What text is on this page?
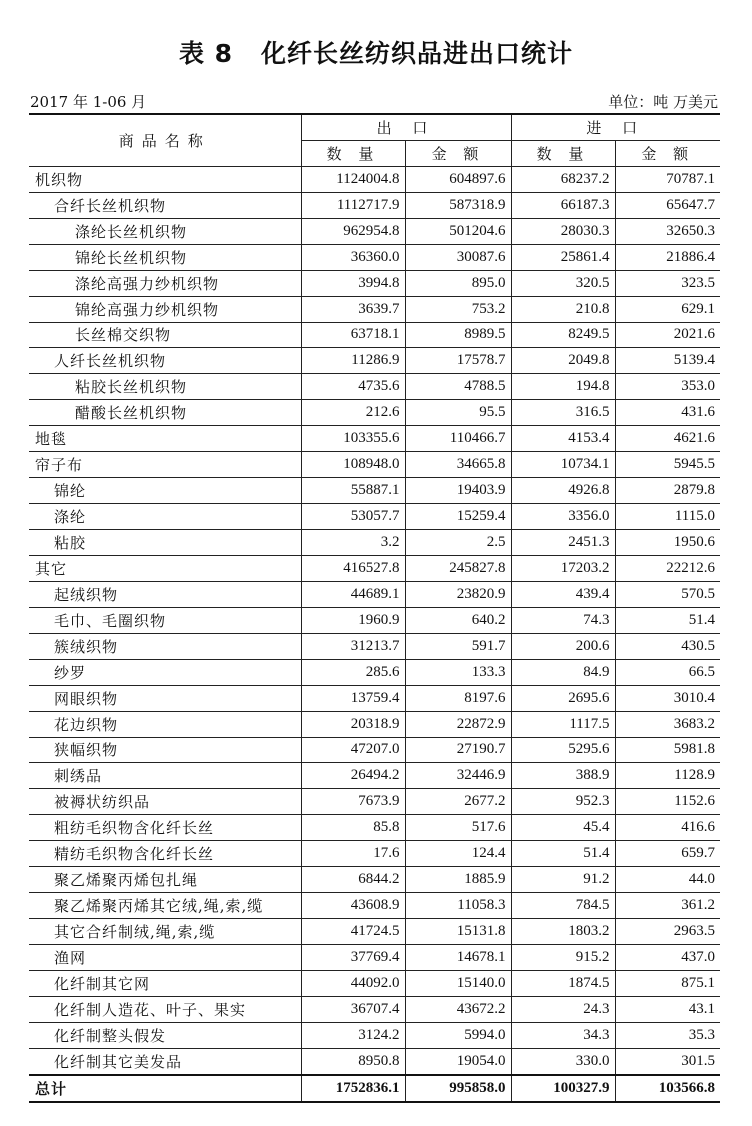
表 8 化纤长丝纺织品进出口统计
2017 年 1-06 月	单位：吨 万美元
商品名称	出 口		进 口	
	数 量	金 额	数 量	金 额
机织物	1124004.8	604897.6	68237.2	70787.1
合纤长丝机织物	1112717.9	587318.9	66187.3	65647.7
涤纶长丝机织物	962954.8	501204.6	28030.3	32650.3
锦纶长丝机织物	36360.0	30087.6	25861.4	21886.4
涤纶高强力纱机织物	3994.8	895.0	320.5	323.5
锦纶高强力纱机织物	3639.7	753.2	210.8	629.1
长丝棉交织物	63718.1	8989.5	8249.5	2021.6
人纤长丝机织物	11286.9	17578.7	2049.8	5139.4
粘胶长丝机织物	4735.6	4788.5	194.8	353.0
醋酸长丝机织物	212.6	95.5	316.5	431.6
地毯	103355.6	110466.7	4153.4	4621.6
帘子布	108948.0	34665.8	10734.1	5945.5
锦纶	55887.1	19403.9	4926.8	2879.8
涤纶	53057.7	15259.4	3356.0	1115.0
粘胶	3.2	2.5	2451.3	1950.6
其它	416527.8	245827.8	17203.2	22212.6
起绒织物	44689.1	23820.9	439.4	570.5
毛巾、毛圈织物	1960.9	640.2	74.3	51.4
簇绒织物	31213.7	591.7	200.6	430.5
纱罗	285.6	133.3	84.9	66.5
网眼织物	13759.4	8197.6	2695.6	3010.4
花边织物	20318.9	22872.9	1117.5	3683.2
狭幅织物	47207.0	27190.7	5295.6	5981.8
刺绣品	26494.2	32446.9	388.9	1128.9
被褥状纺织品	7673.9	2677.2	952.3	1152.6
粗纺毛织物含化纤长丝	85.8	517.6	45.4	416.6
精纺毛织物含化纤长丝	17.6	124.4	51.4	659.7
聚乙烯聚丙烯包扎绳	6844.2	1885.9	91.2	44.0
聚乙烯聚丙烯其它绒,绳,索,缆	43608.9	11058.3	784.5	361.2
其它合纤制绒,绳,索,缆	41724.5	15131.8	1803.2	2963.5
渔网	37769.4	14678.1	915.2	437.0
化纤制其它网	44092.0	15140.0	1874.5	875.1
化纤制人造花、叶子、果实	36707.4	43672.2	24.3	43.1
化纤制整头假发	3124.2	5994.0	34.3	35.3
化纤制其它美发品	8950.8	19054.0	330.0	301.5
总计	1752836.1	995858.0	100327.9	103566.8
